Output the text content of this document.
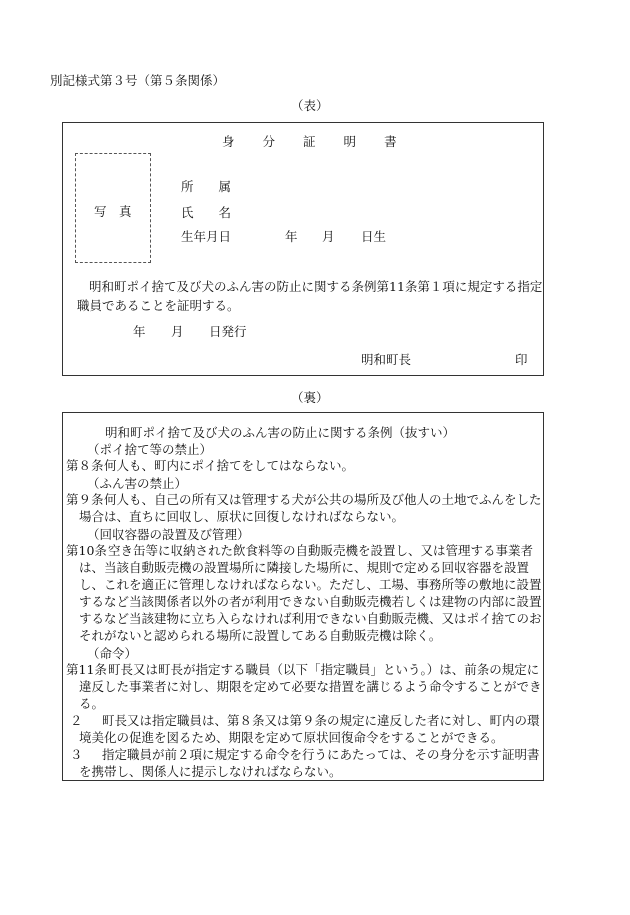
別記様式第３号（第５条関係）
（表）
身 分 証 明 書
写　真
所　　属
氏　　名
生年月日	年 月 日生
明和町ポイ捨て及び犬のふん害の防止に関する条例第11条第１項に規定する指定職員であることを証明する。
年 月 日発行
明和町長	印
（裏）
明和町ポイ捨て及び犬のふん害の防止に関する条例（抜すい）
（ポイ捨て等の禁止）
第８条何人も、町内にポイ捨てをしてはならない。
（ふん害の禁止）
第９条何人も、自己の所有又は管理する犬が公共の場所及び他人の土地でふんをした場合は、直ちに回収し、原状に回復しなければならない。
（回収容器の設置及び管理）
第10条空き缶等に収納された飲食料等の自動販売機を設置し、又は管理する事業者は、当該自動販売機の設置場所に隣接した場所に、規則で定める回収容器を設置し、これを適正に管理しなければならない。ただし、工場、事務所等の敷地に設置するなど当該関係者以外の者が利用できない自動販売機若しくは建物の内部に設置するなど当該建物に立ち入らなければ利用できない自動販売機、又はポイ捨てのおそれがないと認められる場所に設置してある自動販売機は除く。
（命令）
第11条町長又は町長が指定する職員（以下「指定職員」という。）は、前条の規定に違反した事業者に対し、期限を定めて必要な措置を講じるよう命令することができる。
２ 町長又は指定職員は、第８条又は第９条の規定に違反した者に対し、町内の環境美化の促進を図るため、期限を定めて原状回復命令をすることができる。
３ 指定職員が前２項に規定する命令を行うにあたっては、その身分を示す証明書を携帯し、関係人に提示しなければならない。
